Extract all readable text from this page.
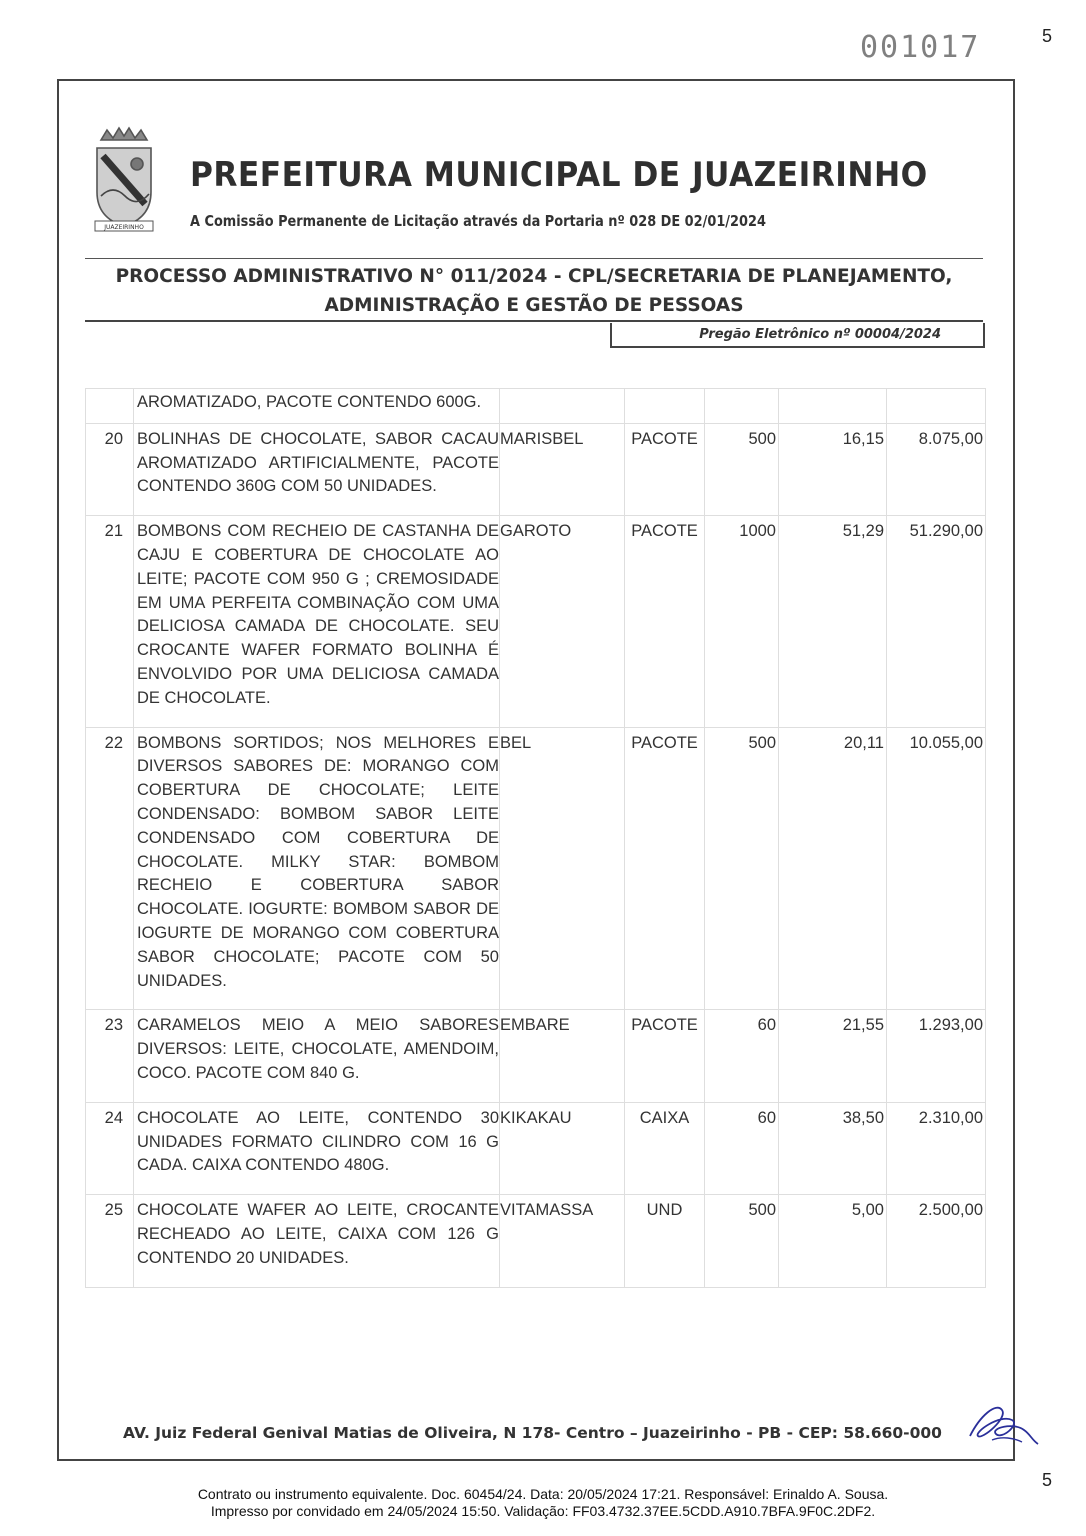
5
001017
JUAZEIRINHO
PREFEITURA MUNICIPAL DE JUAZEIRINHO
A Comissão Permanente de Licitação através da Portaria nº 028 DE 02/01/2024
PROCESSO ADMINISTRATIVO N° 011/2024 - CPL/SECRETARIA DE PLANEJAMENTO,
ADMINISTRAÇÃO E GESTÃO DE PESSOAS
Pregão Eletrônico nº 00004/2024
	AROMATIZADO, PACOTE CONTENDO 600G.					
20	BOLINHAS DE CHOCOLATE, SABOR CACAU AROMATIZADO ARTIFICIALMENTE, PACOTE CONTENDO 360G COM 50 UNIDADES.	MARISBEL	PACOTE	500	16,15	8.075,00
21	BOMBONS COM RECHEIO DE CASTANHA DE CAJU E COBERTURA DE CHOCOLATE AO LEITE; PACOTE COM 950 G ; CREMOSIDADE EM UMA PERFEITA COMBINAÇÃO COM UMA DELICIOSA CAMADA DE CHOCOLATE. SEU CROCANTE WAFER FORMATO BOLINHA É ENVOLVIDO POR UMA DELICIOSA CAMADA DE CHOCOLATE.	GAROTO	PACOTE	1000	51,29	51.290,00
22	BOMBONS SORTIDOS; NOS MELHORES E DIVERSOS SABORES DE: MORANGO COM COBERTURA DE CHOCOLATE; LEITE CONDENSADO: BOMBOM SABOR LEITE CONDENSADO COM COBERTURA DE CHOCOLATE. MILKY STAR: BOMBOM RECHEIO E COBERTURA SABOR CHOCOLATE. IOGURTE: BOMBOM SABOR DE IOGURTE DE MORANGO COM COBERTURA SABOR CHOCOLATE; PACOTE COM 50 UNIDADES.	BEL	PACOTE	500	20,11	10.055,00
23	CARAMELOS MEIO A MEIO SABORES DIVERSOS: LEITE, CHOCOLATE, AMENDOIM, COCO. PACOTE COM 840 G.	EMBARE	PACOTE	60	21,55	1.293,00
24	CHOCOLATE AO LEITE, CONTENDO 30 UNIDADES FORMATO CILINDRO COM 16 G CADA. CAIXA CONTENDO 480G.	KIKAKAU	CAIXA	60	38,50	2.310,00
25	CHOCOLATE WAFER AO LEITE, CROCANTE RECHEADO AO LEITE, CAIXA COM 126 G CONTENDO 20 UNIDADES.	VITAMASSA	UND	500	5,00	2.500,00
AV. Juiz Federal Genival Matias de Oliveira, N 178- Centro – Juazeirinho - PB - CEP: 58.660-000
5
Contrato ou instrumento equivalente. Doc. 60454/24. Data: 20/05/2024 17:21. Responsável: Erinaldo A. Sousa.
Impresso por convidado em 24/05/2024 15:50. Validação: FF03.4732.37EE.5CDD.A910.7BFA.9F0C.2DF2.
